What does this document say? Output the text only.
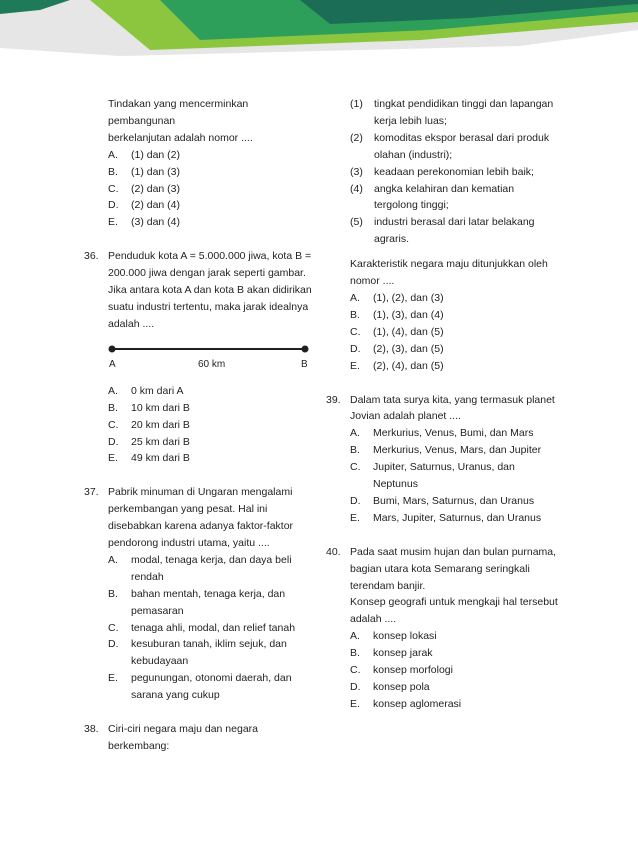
Tindakan yang mencerminkan pembangunan
berkelanjutan adalah nomor ....
A.	(1) dan (2)
B.	(1) dan (3)
C.	(2) dan (3)
D.	(2) dan (4)
E.	(3) dan (4)
36. Penduduk kota A = 5.000.000 jiwa, kota B =
200.000 jiwa dengan jarak seperti gambar.
Jika antara kota A dan kota B akan didirikan
suatu industri tertentu, maka jarak idealnya
adalah ....
A	60 km	B
A.	0 km dari A
B.	10 km dari B
C.	20 km dari B
D.	25 km dari B
E.	49 km dari B
37. Pabrik minuman di Ungaran mengalami
perkembangan yang pesat. Hal ini
disebabkan karena adanya faktor-faktor
pendorong industri utama, yaitu ....
A.	modal, tenaga kerja, dan daya beli
rendah
B.	bahan mentah, tenaga kerja, dan
pemasaran
C.	tenaga ahli, modal, dan relief tanah
D.	kesuburan tanah, iklim sejuk, dan
kebudayaan
E.	pegunungan, otonomi daerah, dan
sarana yang cukup
38. Ciri-ciri negara maju dan negara
berkembang:
(1)	tingkat pendidikan tinggi dan lapangan
kerja lebih luas;
(2)	komoditas ekspor berasal dari produk
olahan (industri);
(3)	keadaan perekonomian lebih baik;
(4)	angka kelahiran dan kematian
tergolong tinggi;
(5)	industri berasal dari latar belakang
agraris.
Karakteristik negara maju ditunjukkan oleh
nomor ....
A.	(1), (2), dan (3)
B.	(1), (3), dan (4)
C.	(1), (4), dan (5)
D.	(2), (3), dan (5)
E.	(2), (4), dan (5)
39. Dalam tata surya kita, yang termasuk planet
Jovian adalah planet ....
A.	Merkurius, Venus, Bumi, dan Mars
B.	Merkurius, Venus, Mars, dan Jupiter
C.	Jupiter, Saturnus, Uranus, dan
Neptunus
D.	Bumi, Mars, Saturnus, dan Uranus
E.	Mars, Jupiter, Saturnus, dan Uranus
40. Pada saat musim hujan dan bulan purnama,
bagian utara kota Semarang seringkali
terendam banjir.
Konsep geografi untuk mengkaji hal tersebut
adalah ....
A.	konsep lokasi
B.	konsep jarak
C.	konsep morfologi
D.	konsep pola
E.	konsep aglomerasi
